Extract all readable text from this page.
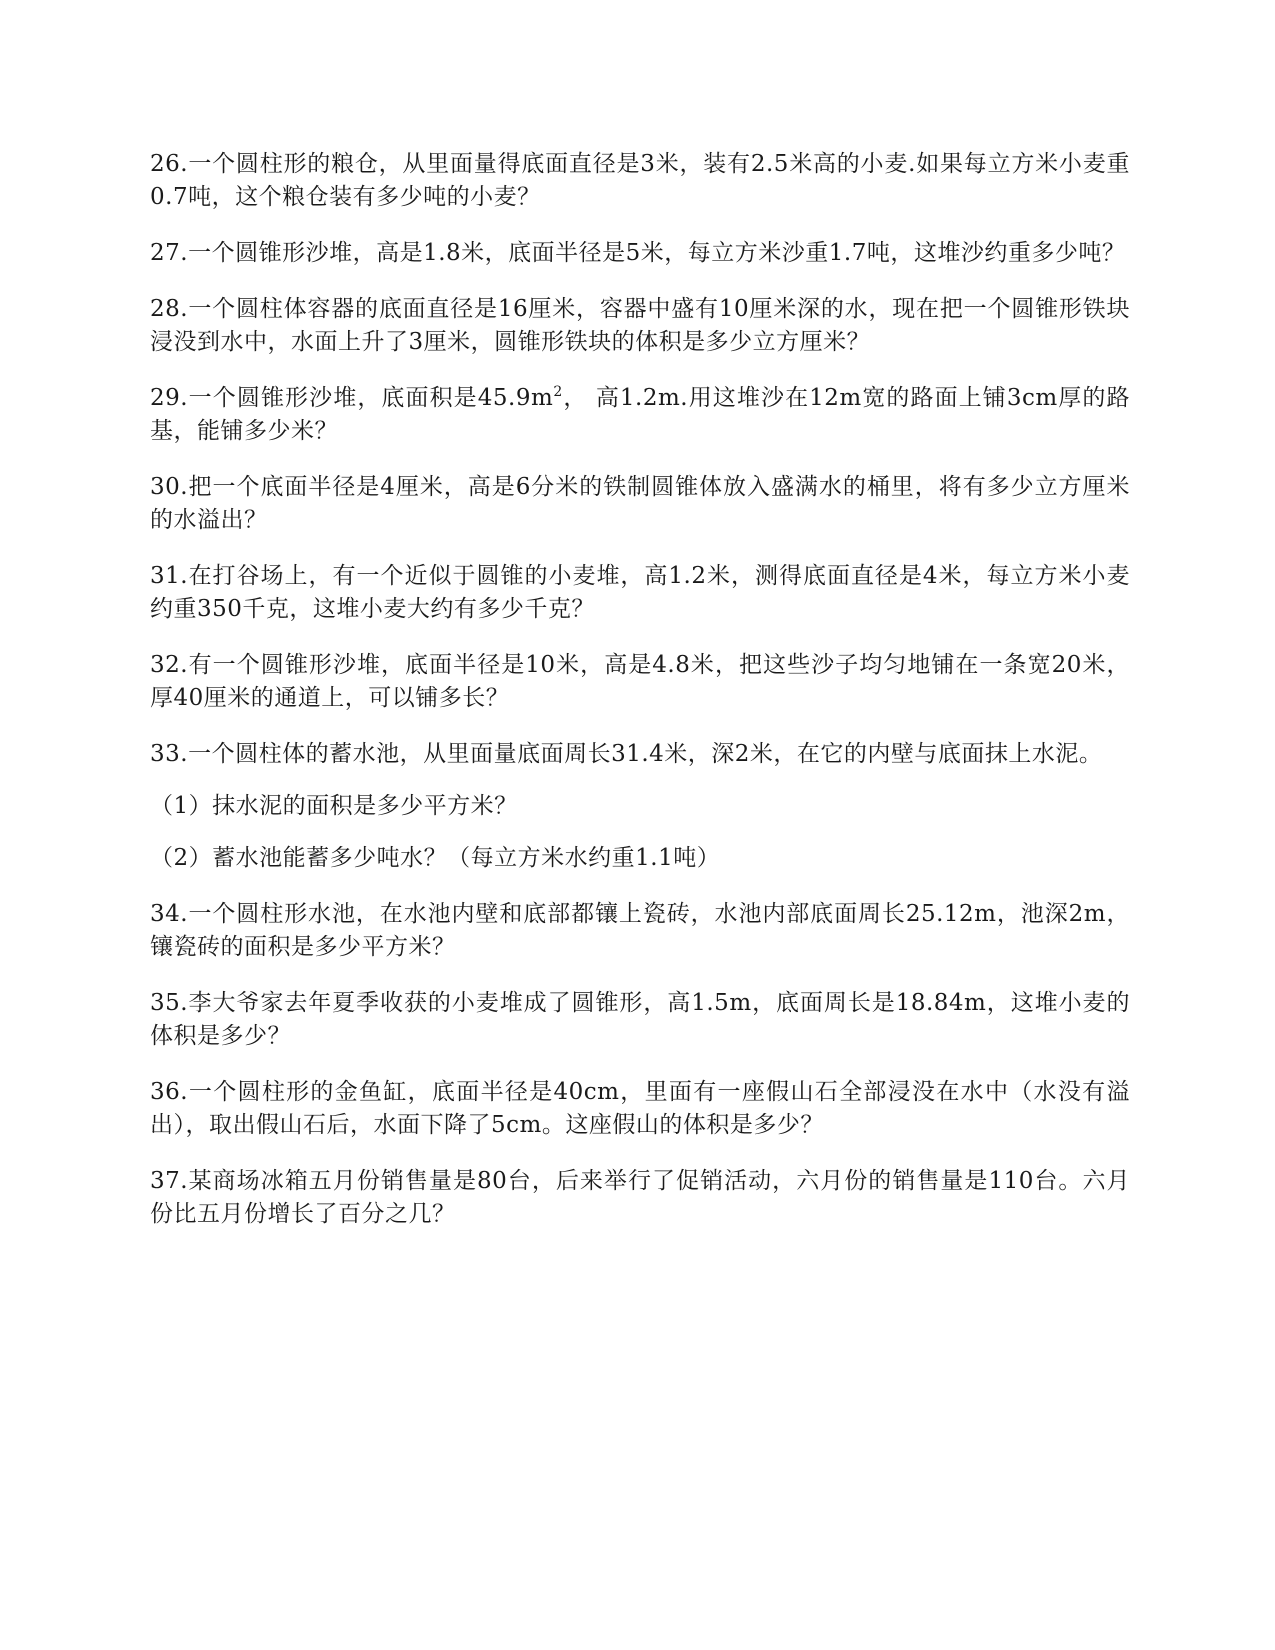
26.一个圆柱形的粮仓，从里面量得底面直径是3米，装有2.5米高的小麦.如果每立方米小麦重0.7吨，这个粮仓装有多少吨的小麦？

27.一个圆锥形沙堆，高是1.8米，底面半径是5米，每立方米沙重1.7吨，这堆沙约重多少吨？

28.一个圆柱体容器的底面直径是16厘米，容器中盛有10厘米深的水，现在把一个圆锥形铁块浸没到水中，水面上升了3厘米，圆锥形铁块的体积是多少立方厘米？

29.一个圆锥形沙堆，底面积是$45.9m^2$， 高1.2m.用这堆沙在12m宽的路面上铺3cm厚的路基，能铺多少米？

30.把一个底面半径是4厘米，高是6分米的铁制圆锥体放入盛满水的桶里，将有多少立方厘米的水溢出？

31.在打谷场上，有一个近似于圆锥的小麦堆，高1.2米，测得底面直径是4米，每立方米小麦约重350千克，这堆小麦大约有多少千克？

32.有一个圆锥形沙堆，底面半径是10米，高是4.8米，把这些沙子均匀地铺在一条宽20米，厚40厘米的通道上，可以铺多长？

33.一个圆柱体的蓄水池，从里面量底面周长31.4米，深2米，在它的内壁与底面抹上水泥。

（1）抹水泥的面积是多少平方米？

（2）蓄水池能蓄多少吨水？（每立方米水约重1.1吨）

34.一个圆柱形水池，在水池内壁和底部都镶上瓷砖，水池内部底面周长25.12m，池深2m，镶瓷砖的面积是多少平方米？

35.李大爷家去年夏季收获的小麦堆成了圆锥形，高1.5m，底面周长是18.84m，这堆小麦的体积是多少？

36.一个圆柱形的金鱼缸，底面半径是40cm，里面有一座假山石全部浸没在水中（水没有溢出），取出假山石后，水面下降了5cm。这座假山的体积是多少？

37.某商场冰箱五月份销售量是80台，后来举行了促销活动，六月份的销售量是110台。六月份比五月份增长了百分之几？
